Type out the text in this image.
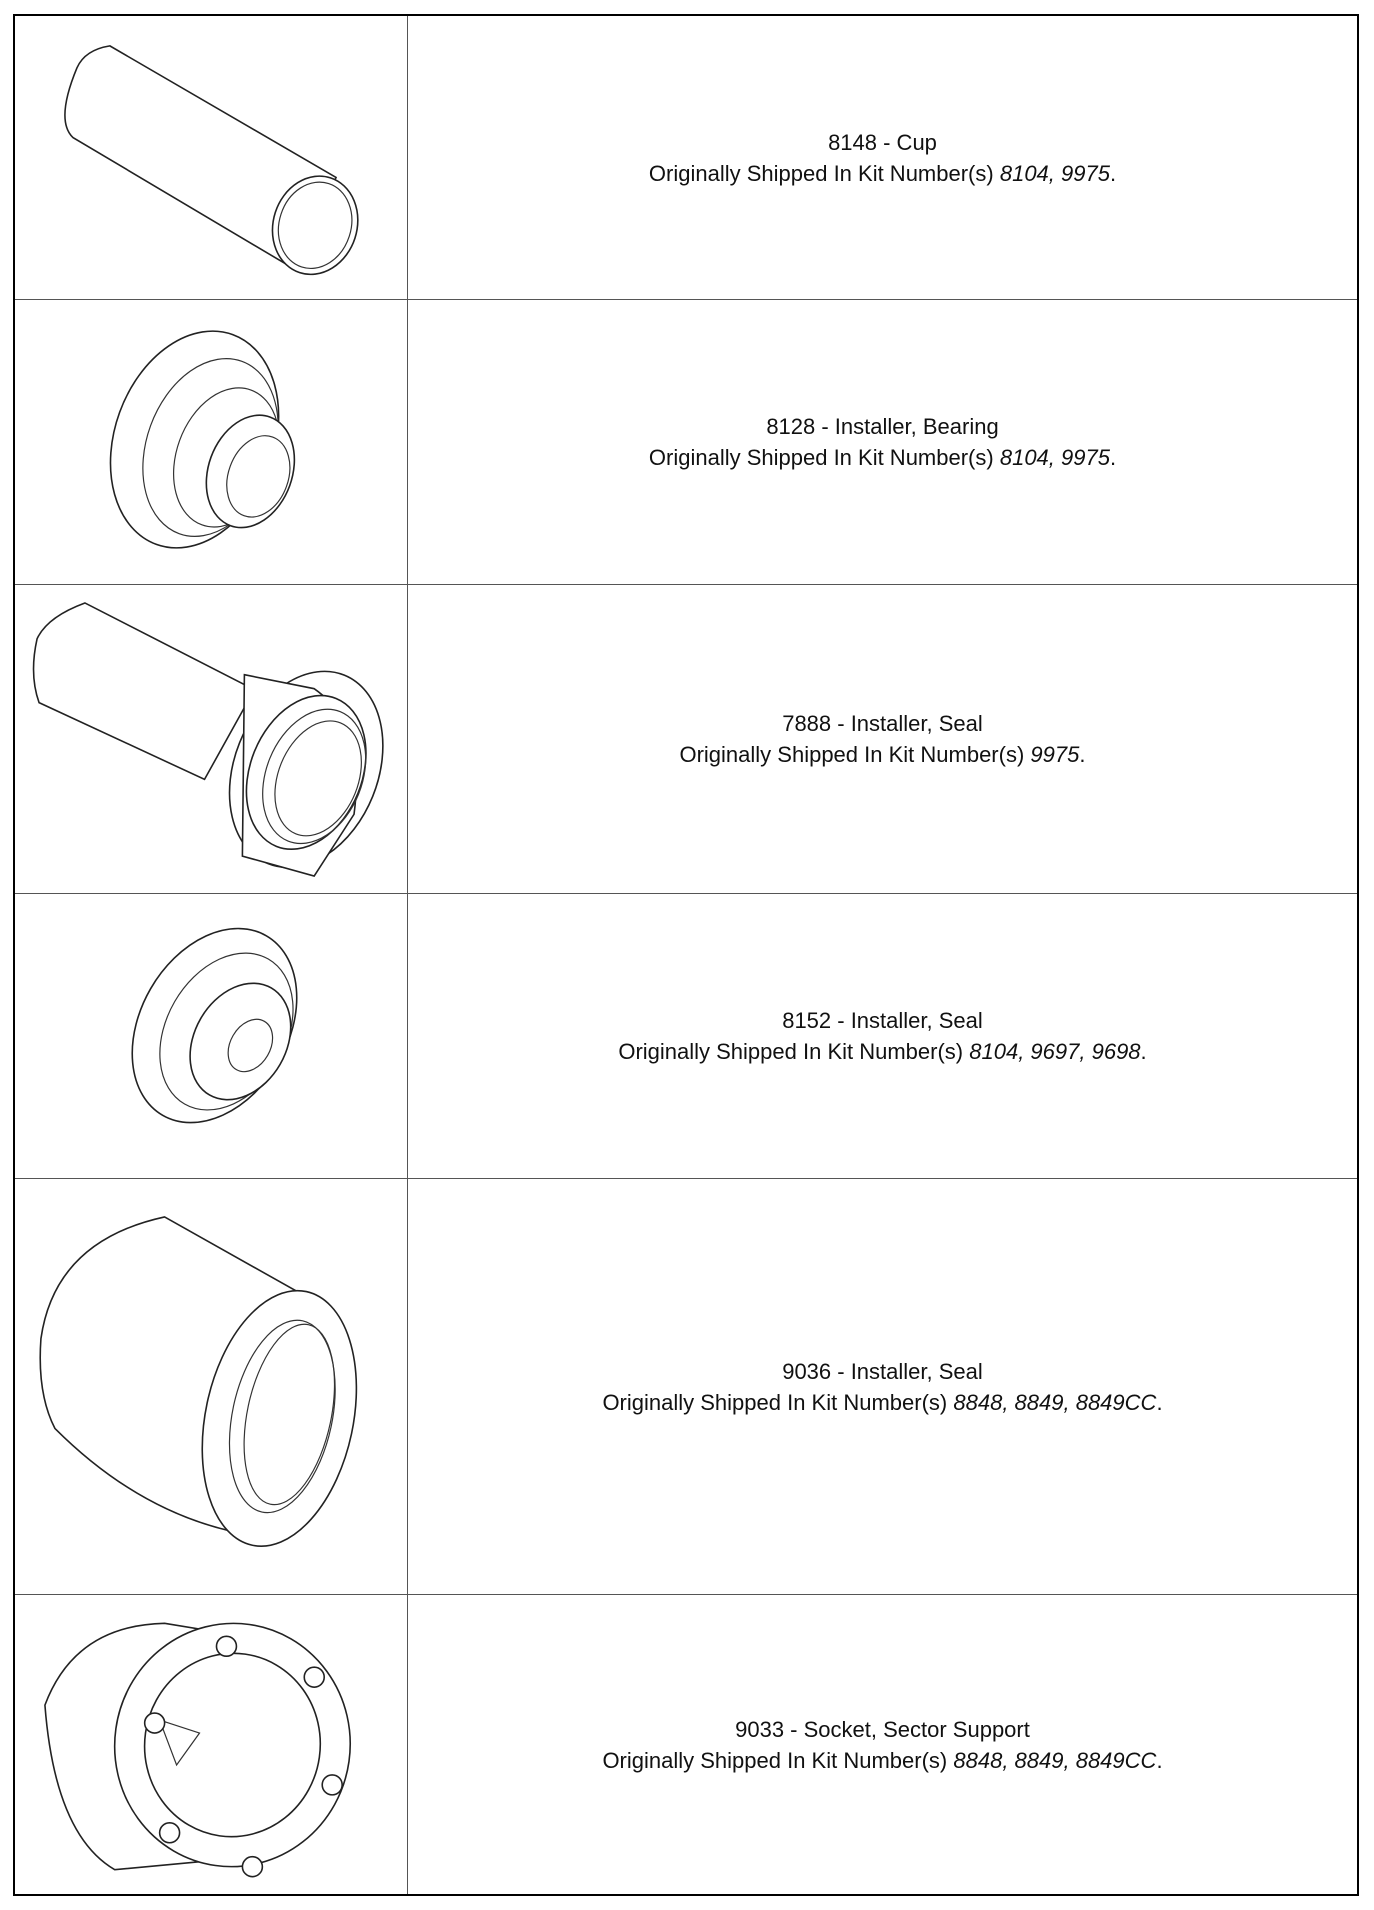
8148 - Cup
Originally Shipped In Kit Number(s) 8104, 9975.
8128 - Installer, Bearing
Originally Shipped In Kit Number(s) 8104, 9975.
7888 - Installer, Seal
Originally Shipped In Kit Number(s) 9975.
8152 - Installer, Seal
Originally Shipped In Kit Number(s) 8104, 9697, 9698.
9036 - Installer, Seal
Originally Shipped In Kit Number(s) 8848, 8849, 8849CC.
9033 - Socket, Sector Support
Originally Shipped In Kit Number(s) 8848, 8849, 8849CC.
